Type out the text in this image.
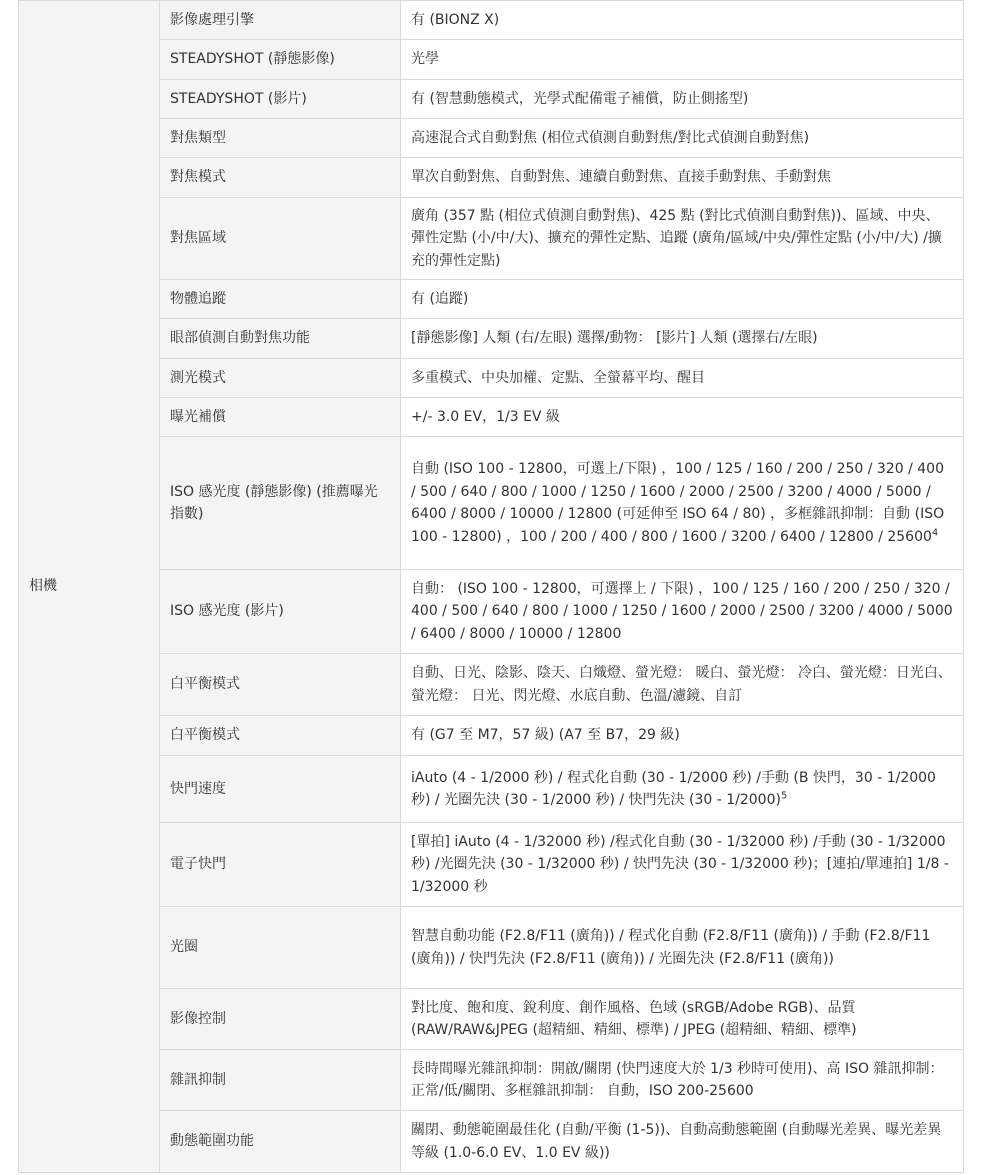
相機	影像處理引擎	有 (BIONZ X)
	STEADYSHOT (靜態影像)	光學
	STEADYSHOT (影片)	有 (智慧動態模式，光學式配備電子補償，防止側搖型)
	對焦類型	高速混合式自動對焦 (相位式偵測自動對焦/對比式偵測自動對焦)
	對焦模式	單次自動對焦、自動對焦、連續自動對焦、直接手動對焦、手動對焦
	對焦區域	廣角 (357 點 (相位式偵測自動對焦)、425 點 (對比式偵測自動對焦))、區域、中央、彈性定點 (小/中/大)、擴充的彈性定點、追蹤 (廣角/區域/中央/彈性定點 (小/中/大) /擴充的彈性定點)
	物體追蹤	有 (追蹤)
	眼部偵測自動對焦功能	[靜態影像] 人類 (右/左眼) 選擇/動物： [影片] 人類 (選擇右/左眼)
	測光模式	多重模式、中央加權、定點、全螢幕平均、醒目
	曝光補償	+/- 3.0 EV，1/3 EV 級
	ISO 感光度 (靜態影像) (推薦曝光指數)	自動 (ISO 100 - 12800，可選上/下限) ，100 / 125 / 160 / 200 / 250 / 320 / 400 / 500 / 640 / 800 / 1000 / 1250 / 1600 / 2000 / 2500 / 3200 / 4000 / 5000 / 6400 / 8000 / 10000 / 12800 (可延伸至 ISO 64 / 80) ，多框雜訊抑制：自動 (ISO 100 - 12800) ，100 / 200 / 400 / 800 / 1600 / 3200 / 6400 / 12800 / 25600$^4$
	ISO 感光度 (影片)	自動： (ISO 100 - 12800，可選擇上 / 下限) ，100 / 125 / 160 / 200 / 250 / 320 / 400 / 500 / 640 / 800 / 1000 / 1250 / 1600 / 2000 / 2500 / 3200 / 4000 / 5000 / 6400 / 8000 / 10000 / 12800
	白平衡模式	自動、日光、陰影、陰天、白熾燈、螢光燈： 暖白、螢光燈： 冷白、螢光燈：日光白、螢光燈： 日光、閃光燈、水底自動、色溫/濾鏡、自訂
	白平衡模式	有 (G7 至 M7，57 級) (A7 至 B7，29 級)
	快門速度	iAuto (4 - 1/2000 秒) / 程式化自動 (30 - 1/2000 秒) /手動 (B 快門，30 - 1/2000 秒) / 光圈先決 (30 - 1/2000 秒) / 快門先決 (30 - 1/2000)$^5$
	電子快門	[單拍] iAuto (4 - 1/32000 秒) /程式化自動 (30 - 1/32000 秒) /手動 (30 - 1/32000 秒) /光圈先決 (30 - 1/32000 秒) / 快門先決 (30 - 1/32000 秒)；[連拍/單連拍] 1/8 - 1/32000 秒
	光圈	智慧自動功能 (F2.8/F11 (廣角)) / 程式化自動 (F2.8/F11 (廣角)) / 手動 (F2.8/F11 (廣角)) / 快門先決 (F2.8/F11 (廣角)) / 光圈先決 (F2.8/F11 (廣角))
	影像控制	對比度、飽和度、銳利度、創作風格、色域 (sRGB/Adobe RGB)、品質 (RAW/RAW&JPEG (超精細、精細、標準) / JPEG (超精細、精細、標準)
	雜訊抑制	長時間曝光雜訊抑制：開啟/關閉 (快門速度大於 1/3 秒時可使用)、高 ISO 雜訊抑制：正常/低/關閉、多框雜訊抑制： 自動，ISO 200-25600
	動態範圍功能	關閉、動態範圍最佳化 (自動/平衡 (1-5))、自動高動態範圍 (自動曝光差異、曝光差異等級 (1.0-6.0 EV、1.0 EV 級))
